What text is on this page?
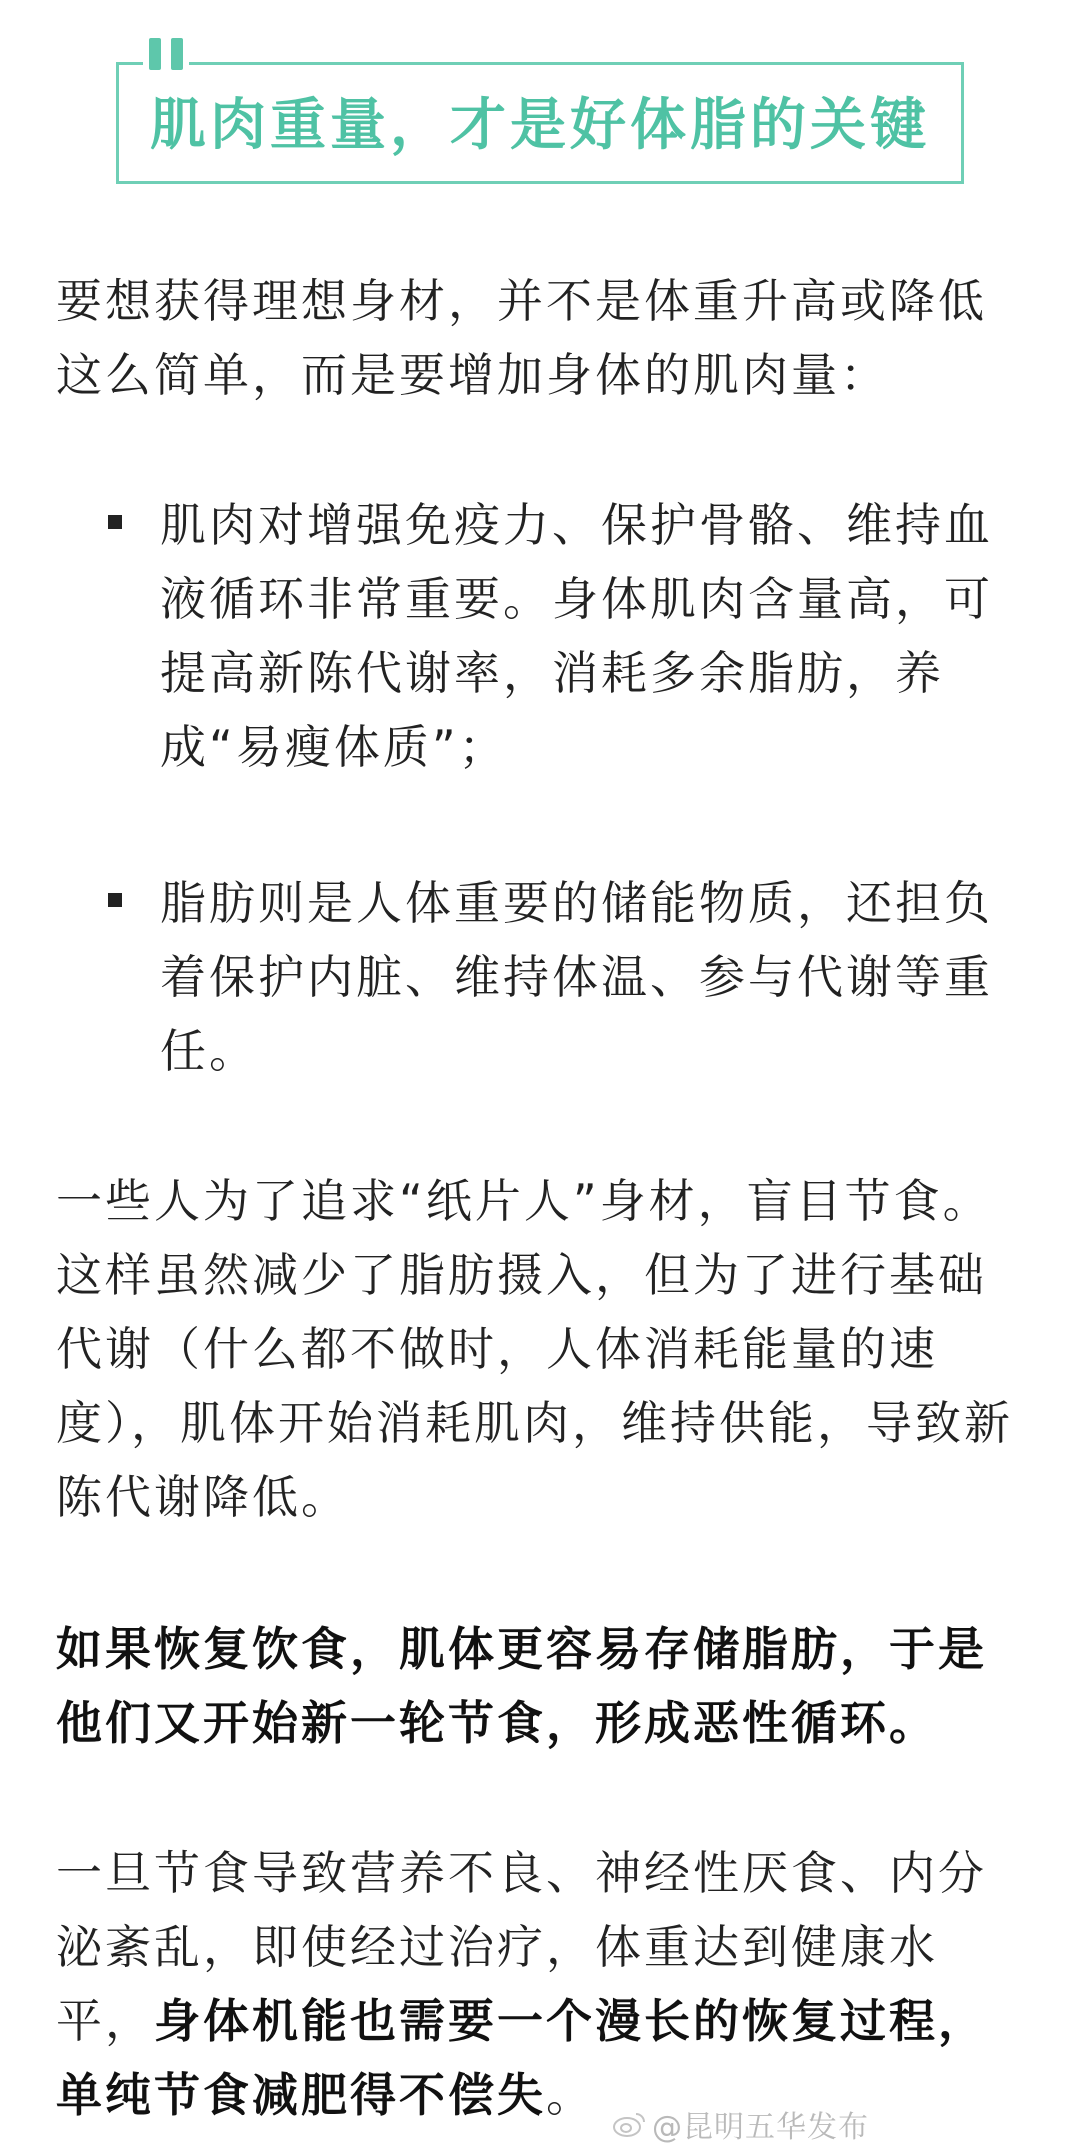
肌肉重量，才是好体脂的关键

要想获得理想身材，并不是体重升高或降低这么简单，而是要增加身体的肌肉量：

肌肉对增强免疫力、保护骨骼、维持血液循环非常重要。身体肌肉含量高，可提高新陈代谢率，消耗多余脂肪，养成“易瘦体质”；
脂肪则是人体重要的储能物质，还担负着保护内脏、维持体温、参与代谢等重任。

一些人为了追求“纸片人”身材，盲目节食。这样虽然减少了脂肪摄入，但为了进行基础代谢（什么都不做时，人体消耗能量的速度），肌体开始消耗肌肉，维持供能，导致新陈代谢降低。

如果恢复饮食，肌体更容易存储脂肪，于是他们又开始新一轮节食，形成恶性循环。

一旦节食导致营养不良、神经性厌食、内分泌紊乱，即使经过治疗，体重达到健康水平，身体机能也需要一个漫长的恢复过程，单纯节食减肥得不偿失。

@昆明五华发布
